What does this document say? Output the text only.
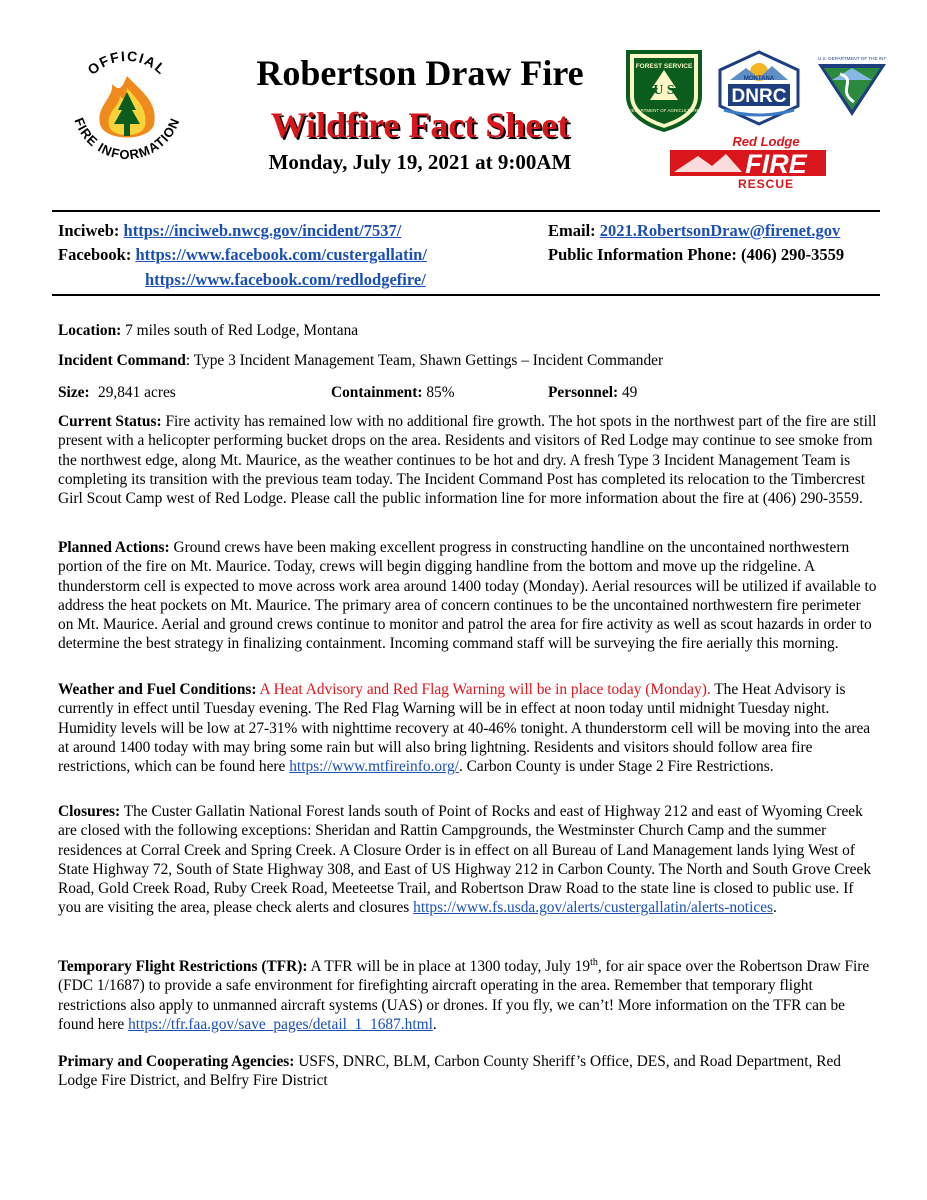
OFFICIAL
FIRE INFORMATION
Robertson Draw Fire
Wildfire Fact Sheet
Monday, July 19, 2021 at 9:00AM
FOREST SERVICE
U S
DEPARTMENT OF AGRICULTURE
MONTANA
DNRC
U.S. DEPARTMENT OF THE INT
Red Lodge
FIRE
RESCUE
Inciweb: https://inciweb.nwcg.gov/incident/7537/
Facebook: https://www.facebook.com/custergallatin/
https://www.facebook.com/redlodgefire/
Email: 2021.RobertsonDraw@firenet.gov
Public Information Phone: (406) 290-3559
Location: 7 miles south of Red Lodge, Montana
Incident Command: Type 3 Incident Management Team, Shawn Gettings – Incident Commander
Size: 29,841 acres	Containment: 85%	Personnel: 49
Current Status: Fire activity has remained low with no additional fire growth. The hot spots in the northwest part of the fire are still present with a helicopter performing bucket drops on the area. Residents and visitors of Red Lodge may continue to see smoke from the northwest edge, along Mt. Maurice, as the weather continues to be hot and dry. A fresh Type 3 Incident Management Team is completing its transition with the previous team today. The Incident Command Post has completed its relocation to the Timbercrest Girl Scout Camp west of Red Lodge. Please call the public information line for more information about the fire at (406) 290-3559.
Planned Actions: Ground crews have been making excellent progress in constructing handline on the uncontained northwestern portion of the fire on Mt. Maurice. Today, crews will begin digging handline from the bottom and move up the ridgeline. A thunderstorm cell is expected to move across work area around 1400 today (Monday). Aerial resources will be utilized if available to address the heat pockets on Mt. Maurice. The primary area of concern continues to be the uncontained northwestern fire perimeter on Mt. Maurice. Aerial and ground crews continue to monitor and patrol the area for fire activity as well as scout hazards in order to determine the best strategy in finalizing containment. Incoming command staff will be surveying the fire aerially this morning.
Weather and Fuel Conditions: A Heat Advisory and Red Flag Warning will be in place today (Monday). The Heat Advisory is currently in effect until Tuesday evening. The Red Flag Warning will be in effect at noon today until midnight Tuesday night. Humidity levels will be low at 27-31% with nighttime recovery at 40-46% tonight. A thunderstorm cell will be moving into the area at around 1400 today with may bring some rain but will also bring lightning. Residents and visitors should follow area fire restrictions, which can be found here https://www.mtfireinfo.org/. Carbon County is under Stage 2 Fire Restrictions.
Closures: The Custer Gallatin National Forest lands south of Point of Rocks and east of Highway 212 and east of Wyoming Creek are closed with the following exceptions: Sheridan and Rattin Campgrounds, the Westminster Church Camp and the summer residences at Corral Creek and Spring Creek. A Closure Order is in effect on all Bureau of Land Management lands lying West of State Highway 72, South of State Highway 308, and East of US Highway 212 in Carbon County. The North and South Grove Creek Road, Gold Creek Road, Ruby Creek Road, Meeteetse Trail, and Robertson Draw Road to the state line is closed to public use. If you are visiting the area, please check alerts and closures https://www.fs.usda.gov/alerts/custergallatin/alerts-notices.
Temporary Flight Restrictions (TFR): A TFR will be in place at 1300 today, July 19th, for air space over the Robertson Draw Fire (FDC 1/1687) to provide a safe environment for firefighting aircraft operating in the area. Remember that temporary flight restrictions also apply to unmanned aircraft systems (UAS) or drones. If you fly, we can’t! More information on the TFR can be found here https://tfr.faa.gov/save_pages/detail_1_1687.html.
Primary and Cooperating Agencies: USFS, DNRC, BLM, Carbon County Sheriff’s Office, DES, and Road Department, Red Lodge Fire District, and Belfry Fire District
